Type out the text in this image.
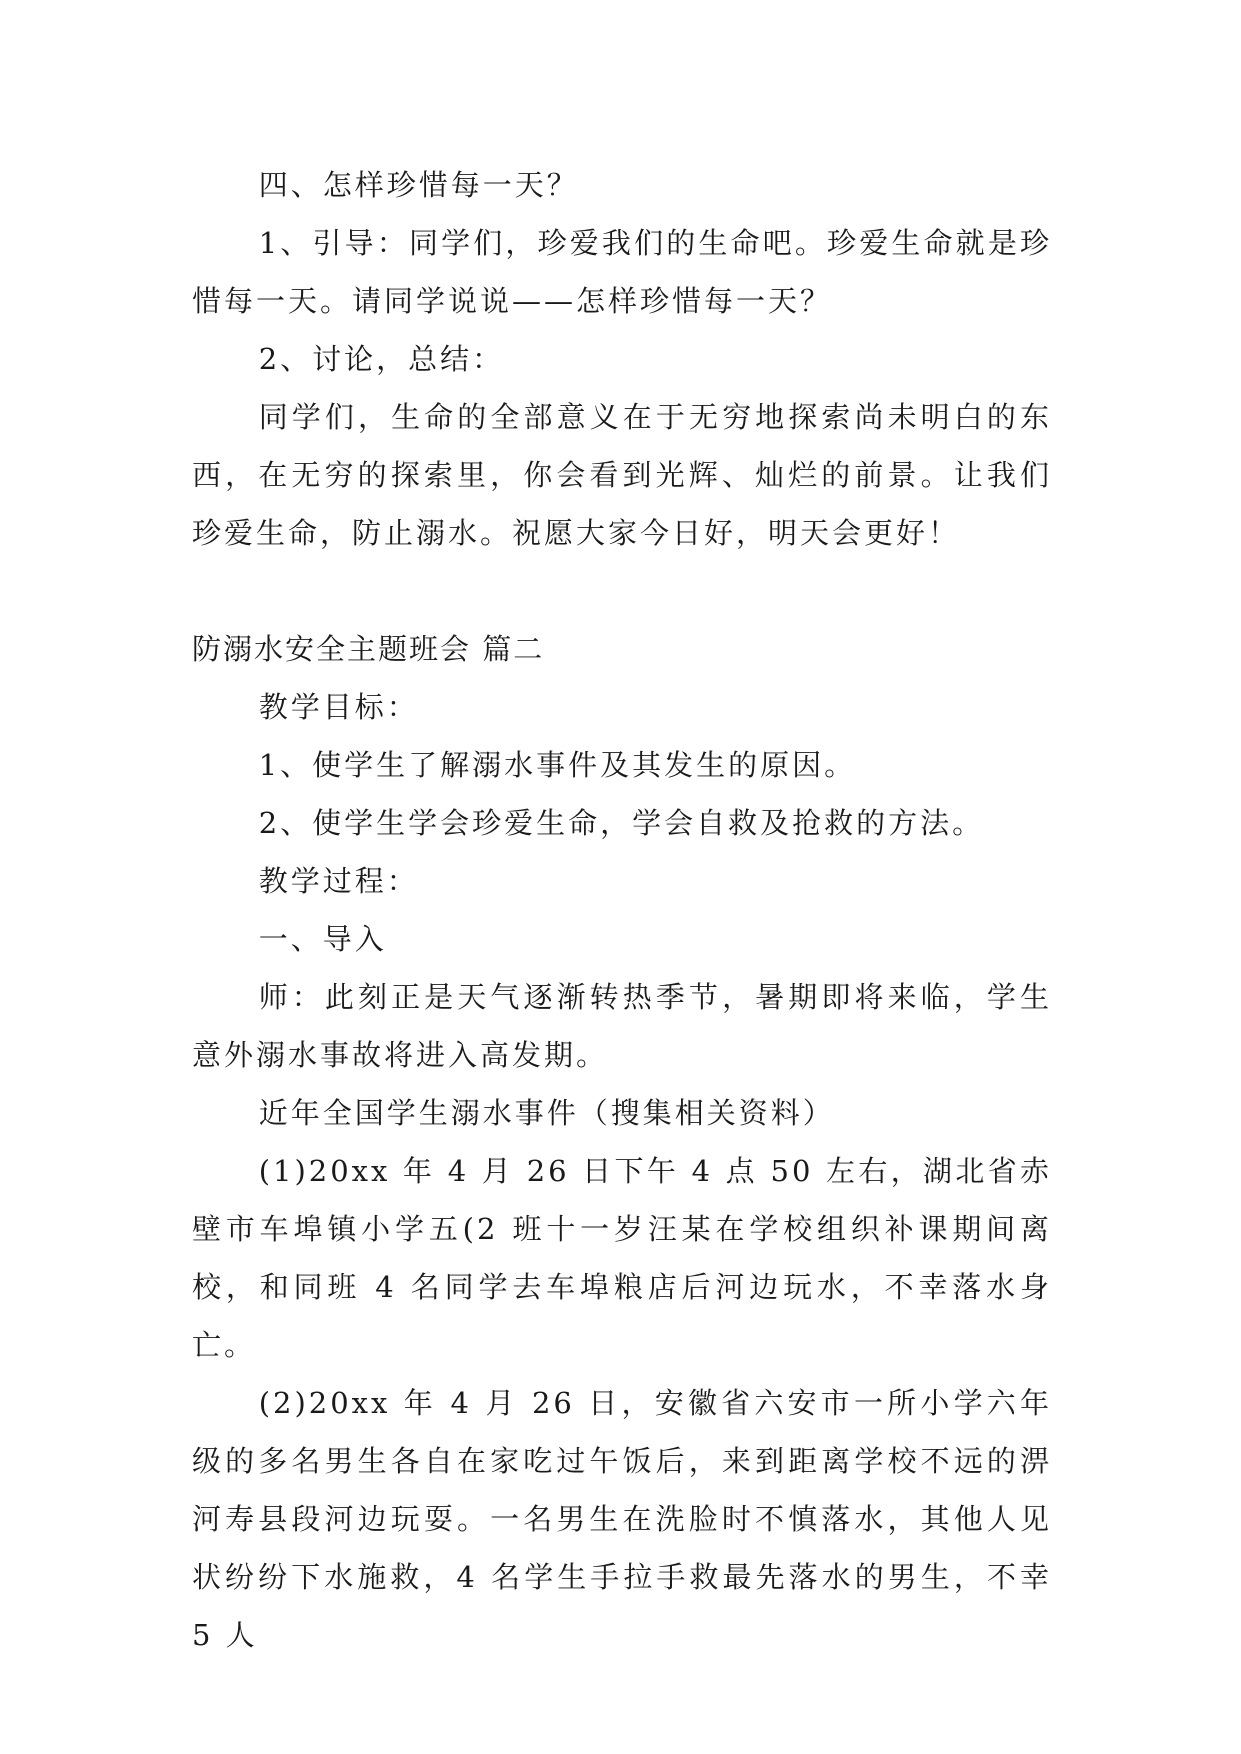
四、怎样珍惜每一天？

1、引导：同学们，珍爱我们的生命吧。珍爱生命就是珍惜每一天。请同学说说——怎样珍惜每一天？

2、讨论，总结：

同学们，生命的全部意义在于无穷地探索尚未明白的东西，在无穷的探索里，你会看到光辉、灿烂的前景。让我们珍爱生命，防止溺水。祝愿大家今日好，明天会更好！

防溺水安全主题班会 篇二

教学目标：

1、使学生了解溺水事件及其发生的原因。

2、使学生学会珍爱生命，学会自救及抢救的方法。

教学过程：

一、导入

师：此刻正是天气逐渐转热季节，暑期即将来临，学生意外溺水事故将进入高发期。

近年全国学生溺水事件（搜集相关资料）

(1)20xx 年 4 月 26 日下午 4 点 50 左右，湖北省赤壁市车埠镇小学五(2 班十一岁汪某在学校组织补课期间离校，和同班 4 名同学去车埠粮店后河边玩水，不幸落水身亡。

(2)20xx 年 4 月 26 日，安徽省六安市一所小学六年级的多名男生各自在家吃过午饭后，来到距离学校不远的淠河寿县段河边玩耍。一名男生在洗脸时不慎落水，其他人见状纷纷下水施救，4 名学生手拉手救最先落水的男生，不幸 5 人
